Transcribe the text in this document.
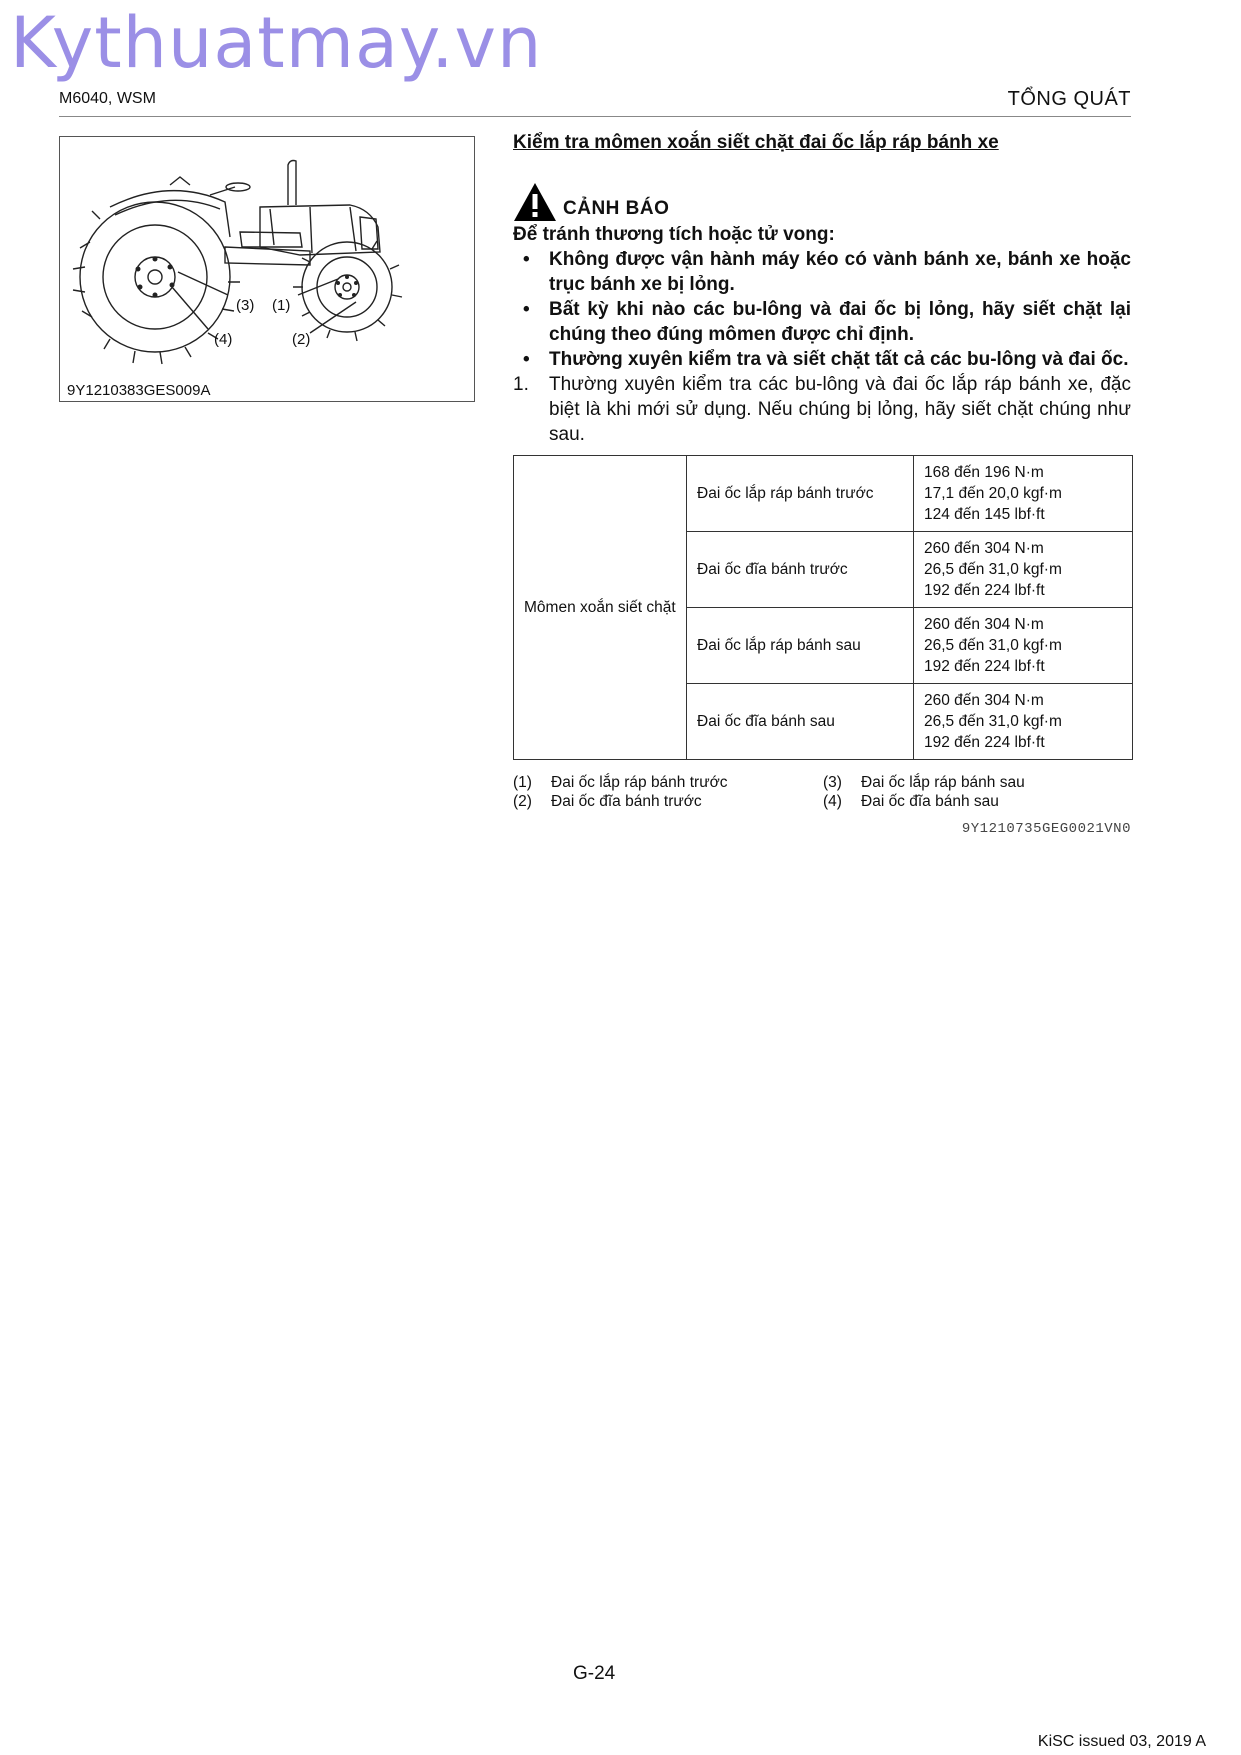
Kythuatmay.vn
M6040, WSM	TỔNG QUÁT
(3) (1)
(4)	(2)
9Y1210383GES009A

Kiểm tra mômen xoắn siết chặt đai ốc lắp ráp bánh xe

CẢNH BÁO
Để tránh thương tích hoặc tử vong:
• Không được vận hành máy kéo có vành bánh xe, bánh xe hoặc trục bánh xe bị lỏng.
• Bất kỳ khi nào các bu-lông và đai ốc bị lỏng, hãy siết chặt lại chúng theo đúng mômen được chỉ định.
• Thường xuyên kiểm tra và siết chặt tất cả các bu-lông và đai ốc.
1. Thường xuyên kiểm tra các bu-lông và đai ốc lắp ráp bánh xe, đặc biệt là khi mới sử dụng. Nếu chúng bị lỏng, hãy siết chặt chúng như sau.
Mômen xoắn siết chặt	Đai ốc lắp ráp bánh trước	168 đến 196 N·m
17,1 đến 20,0 kgf·m
124 đến 145 lbf·ft

	Đai ốc đĩa bánh trước	260 đến 304 N·m
26,5 đến 31,0 kgf·m
192 đến 224 lbf·ft

	Đai ốc lắp ráp bánh sau	260 đến 304 N·m
26,5 đến 31,0 kgf·m
192 đến 224 lbf·ft

	Đai ốc đĩa bánh sau	260 đến 304 N·m
26,5 đến 31,0 kgf·m
192 đến 224 lbf·ft
(1)	Đai ốc lắp ráp bánh trước	(3)	Đai ốc lắp ráp bánh sau
(2)	Đai ốc đĩa bánh trước	(4)	Đai ốc đĩa bánh sau
9Y1210735GEG0021VN0
G-24
KiSC issued 03, 2019 A
